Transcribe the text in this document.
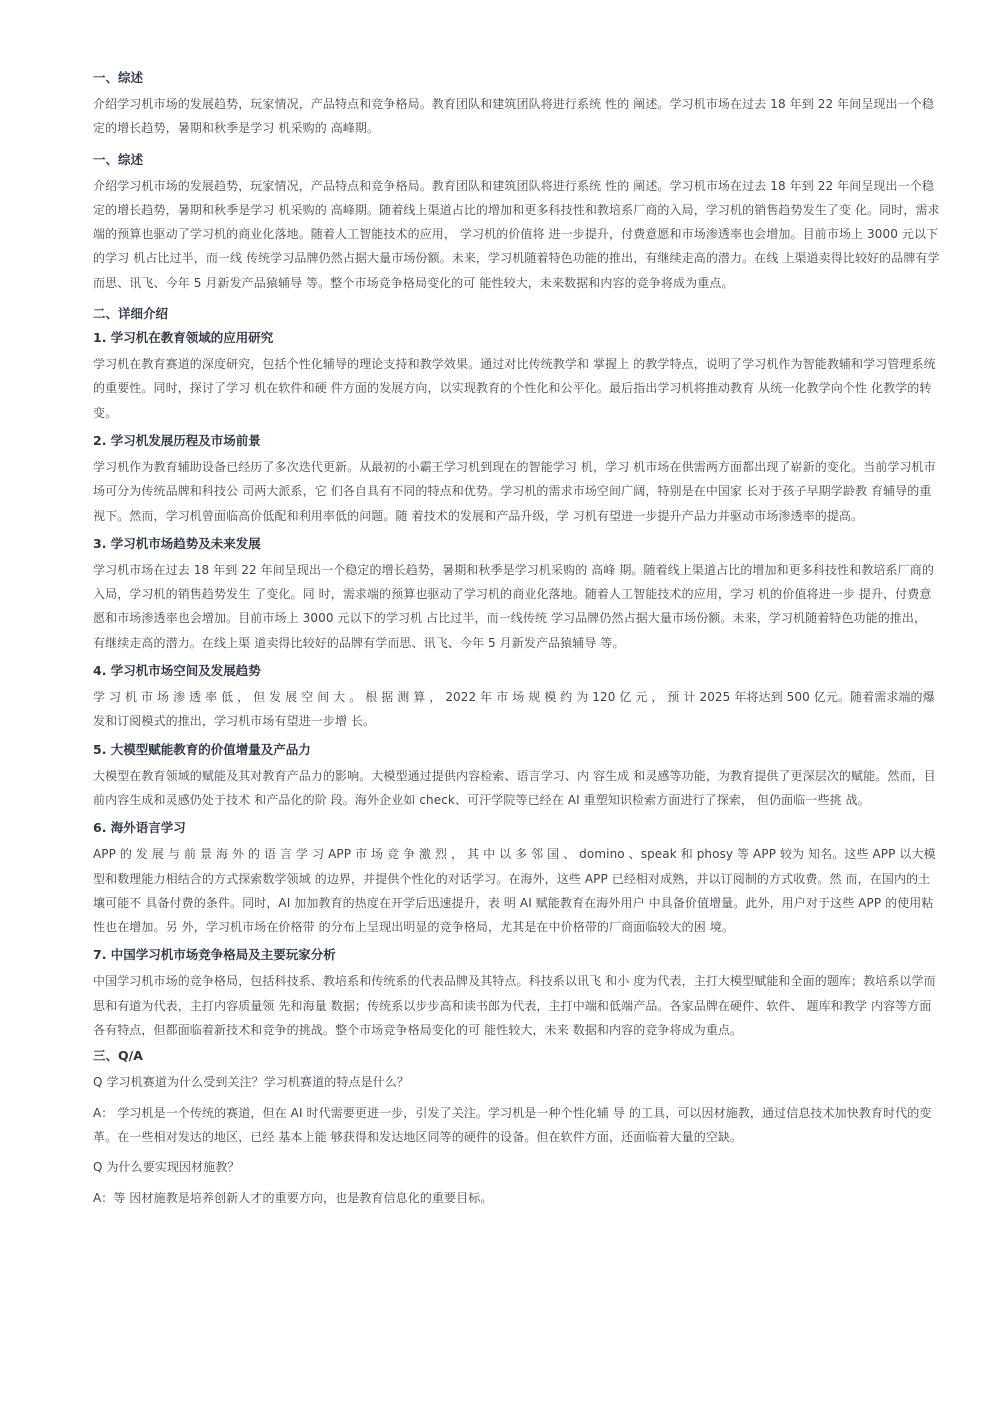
一、综述

介绍学习机市场的发展趋势，玩家情况，产品特点和竞争格局。教育团队和建筑团队将进行系统 性的 阐述。学习机市场在过去 18 年到 22 年间呈现出一个稳定的增长趋势，暑期和秋季是学习 机采购的 高峰期。

一、综述

介绍学习机市场的发展趋势，玩家情况，产品特点和竞争格局。教育团队和建筑团队将进行系统 性的 阐述。学习机市场在过去 18 年到 22 年间呈现出一个稳定的增长趋势，暑期和秋季是学习 机采购的 高峰期。随着线上渠道占比的增加和更多科技性和教培系厂商的入局，学习机的销售趋势发生了变 化。同时，需求端的预算也驱动了学习机的商业化落地。随着人工智能技术的应用， 学习机的价值将 进一步提升，付费意愿和市场渗透率也会增加。目前市场上 3000 元以下的学习 机占比过半，而一线 传统学习品牌仍然占据大量市场份额。未来，学习机随着特色功能的推出，有继续走高的潜力。在线 上渠道卖得比较好的品牌有学而思、讯飞、今年 5 月新发产品猿辅导 等。整个市场竞争格局变化的可 能性较大，未来数据和内容的竞争将成为重点。

二、详细介绍

1. 学习机在教育领域的应用研究

学习机在教育赛道的深度研究，包括个性化辅导的理论支持和教学效果。通过对比传统教学和 掌握上 的教学特点，说明了学习机作为智能教辅和学习管理系统的重要性。同时，探讨了学习 机在软件和硬 件方面的发展方向，以实现教育的个性化和公平化。最后指出学习机将推动教育 从统一化教学向个性 化教学的转变。

2. 学习机发展历程及市场前景

学习机作为教育辅助设备已经历了多次迭代更新。从最初的小霸王学习机到现在的智能学习 机，学习 机市场在供需两方面都出现了崭新的变化。当前学习机市场可分为传统品牌和科技公 司两大派系，它 们各自具有不同的特点和优势。学习机的需求市场空间广阔，特别是在中国家 长对于孩子早期学龄教 育辅导的重视下。然而，学习机曾面临高价低配和利用率低的问题。随 着技术的发展和产品升级，学 习机有望进一步提升产品力并驱动市场渗透率的提高。

3. 学习机市场趋势及未来发展

学习机市场在过去 18 年到 22 年间呈现出一个稳定的增长趋势，暑期和秋季是学习机采购的 高峰 期。随着线上渠道占比的增加和更多科技性和教培系厂商的入局，学习机的销售趋势发生 了变化。同 时，需求端的预算也驱动了学习机的商业化落地。随着人工智能技术的应用，学习 机的价值将进一步 提升，付费意愿和市场渗透率也会增加。目前市场上 3000 元以下的学习机 占比过半，而一线传统 学习品牌仍然占据大量市场份额。未来，学习机随着特色功能的推出， 有继续走高的潜力。在线上渠 道卖得比较好的品牌有学而思、讯飞、今年 5 月新发产品猿辅导 等。

4. 学习机市场空间及发展趋势

学 习 机 市 场 渗 透 率 低 ， 但 发 展 空 间 大 。 根 据 测 算 ， 2022 年 市 场 规 模 约 为 120 亿 元 ， 预 计 2025 年将达到 500 亿元。随着需求端的爆发和订阅模式的推出，学习机市场有望进一步增 长。

5. 大模型赋能教育的价值增量及产品力

大模型在教育领域的赋能及其对教育产品力的影响。大模型通过提供内容检索、语言学习、内 容生成 和灵感等功能，为教育提供了更深层次的赋能。然而，目前内容生成和灵感仍处于技术 和产品化的阶 段。海外企业如 check、可汗学院等已经在 AI 重塑知识检索方面进行了探索， 但仍面临一些挑 战。

6. 海外语言学习

APP 的 发 展 与 前 景 海 外 的 语 言 学 习 APP 市 场 竞 争 激 烈 ， 其 中 以 多 邻 国 、 domino 、speak 和 phosy 等 APP 较为 知名。这些 APP 以大模型和数理能力相结合的方式探索数学领域 的边界，并提供个性化的对话学习。在海外，这些 APP 已经相对成熟，并以订阅制的方式收费。然 而，在国内的土壤可能不 具备付费的条件。同时，AI 加加教育的热度在开学后迅速提升，表 明 AI 赋能教育在海外用户 中具备价值增量。此外，用户对于这些 APP 的使用粘性也在增加。另 外，学习机市场在价格带 的分布上呈现出明显的竞争格局，尤其是在中价格带的厂商面临较大的困 境。

7. 中国学习机市场竞争格局及主要玩家分析

中国学习机市场的竞争格局，包括科技系、教培系和传统系的代表品牌及其特点。科技系以讯飞 和小 度为代表，主打大模型赋能和全面的题库；教培系以学而思和有道为代表，主打内容质量领 先和海量 数据；传统系以步步高和读书郎为代表，主打中端和低端产品。各家品牌在硬件、软件、 题库和教学 内容等方面各有特点，但都面临着新技术和竞争的挑战。整个市场竞争格局变化的可 能性较大，未来 数据和内容的竞争将成为重点。

三、Q/A

Q 学习机赛道为什么受到关注？学习机赛道的特点是什么？

A： 学习机是一个传统的赛道，但在 AI 时代需要更进一步，引发了关注。学习机是一种个性化辅 导 的工具，可以因材施教，通过信息技术加快教育时代的变革。在一些相对发达的地区，已经 基本上能 够获得和发达地区同等的硬件的设备。但在软件方面，还面临着大量的空缺。

Q 为什么要实现因材施教？

A：等 因材施教是培养创新人才的重要方向，也是教育信息化的重要目标。
